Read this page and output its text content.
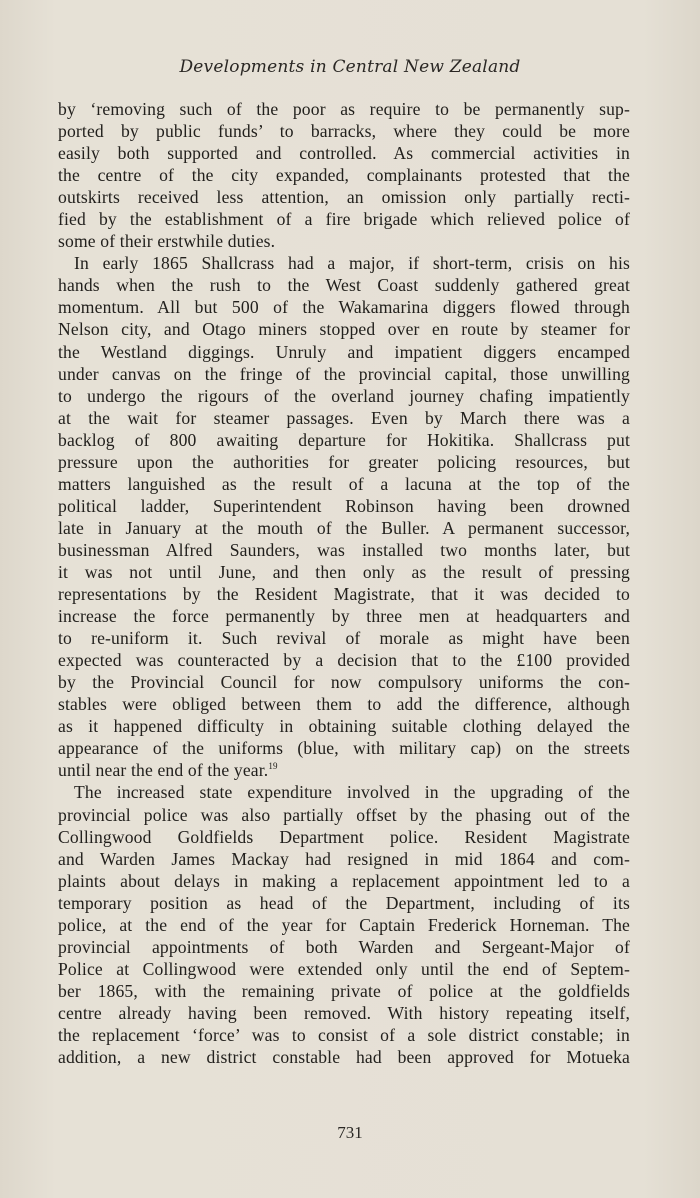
Developments in Central New Zealand
by ‘removing such of the poor as require to be permanently sup-
ported by public funds’ to barracks, where they could be more
easily both supported and controlled. As commercial activities in
the centre of the city expanded, complainants protested that the
outskirts received less attention, an omission only partially recti-
fied by the establishment of a fire brigade which relieved police of
some of their erstwhile duties.
In early 1865 Shallcrass had a major, if short-term, crisis on his
hands when the rush to the West Coast suddenly gathered great
momentum. All but 500 of the Wakamarina diggers flowed through
Nelson city, and Otago miners stopped over en route by steamer for
the Westland diggings. Unruly and impatient diggers encamped
under canvas on the fringe of the provincial capital, those unwilling
to undergo the rigours of the overland journey chafing impatiently
at the wait for steamer passages. Even by March there was a
backlog of 800 awaiting departure for Hokitika. Shallcrass put
pressure upon the authorities for greater policing resources, but
matters languished as the result of a lacuna at the top of the
political ladder, Superintendent Robinson having been drowned
late in January at the mouth of the Buller. A permanent successor,
businessman Alfred Saunders, was installed two months later, but
it was not until June, and then only as the result of pressing
representations by the Resident Magistrate, that it was decided to
increase the force permanently by three men at headquarters and
to re-uniform it. Such revival of morale as might have been
expected was counteracted by a decision that to the £100 provided
by the Provincial Council for now compulsory uniforms the con-
stables were obliged between them to add the difference, although
as it happened difficulty in obtaining suitable clothing delayed the
appearance of the uniforms (blue, with military cap) on the streets
until near the end of the year.$^{19}$
The increased state expenditure involved in the upgrading of the
provincial police was also partially offset by the phasing out of the
Collingwood Goldfields Department police. Resident Magistrate
and Warden James Mackay had resigned in mid 1864 and com-
plaints about delays in making a replacement appointment led to a
temporary position as head of the Department, including of its
police, at the end of the year for Captain Frederick Horneman. The
provincial appointments of both Warden and Sergeant-Major of
Police at Collingwood were extended only until the end of Septem-
ber 1865, with the remaining private of police at the goldfields
centre already having been removed. With history repeating itself,
the replacement ‘force’ was to consist of a sole district constable; in
addition, a new district constable had been approved for Motueka
731
